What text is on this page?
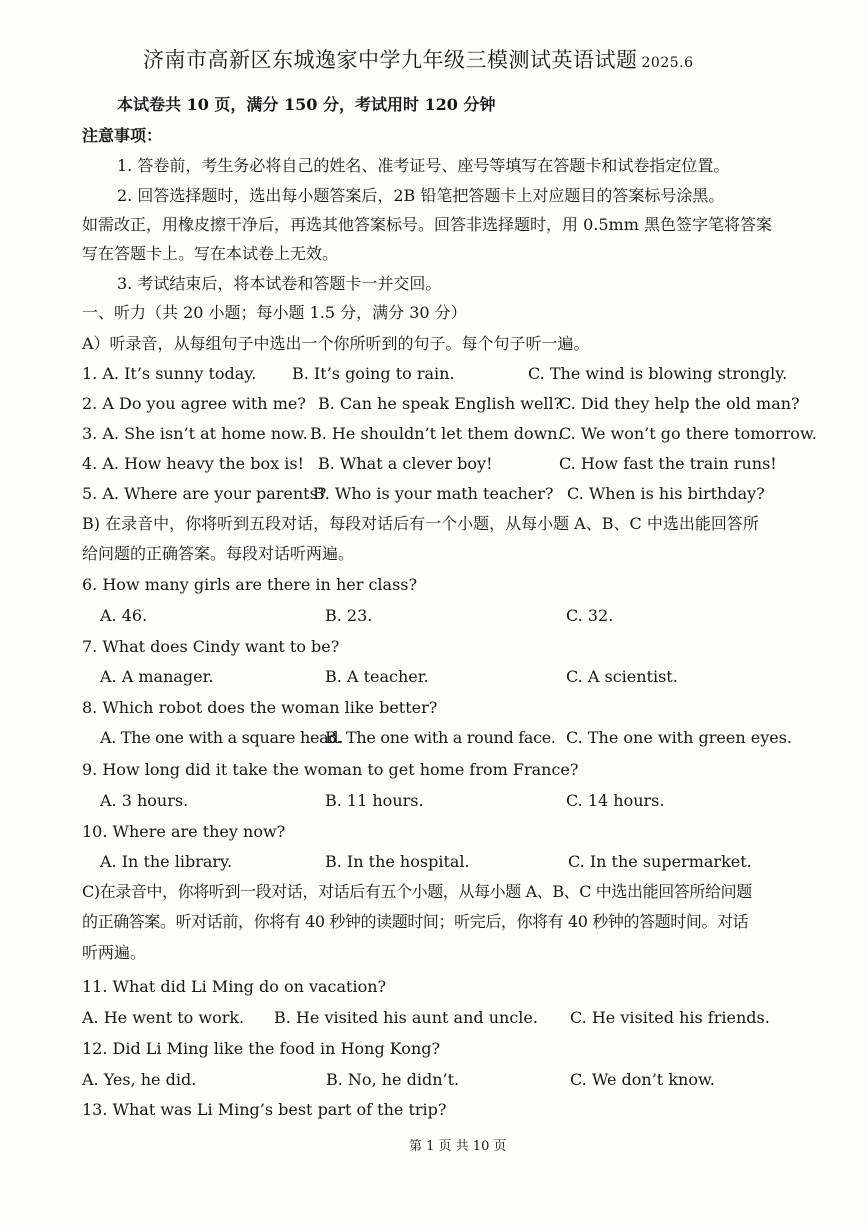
济南市高新区东城逸家中学九年级三模测试英语试题 2025.6
本试卷共 10 页，满分 150 分，考试用时 120 分钟
注意事项：
1. 答卷前，考生务必将自己的姓名、准考证号、座号等填写在答题卡和试卷指定位置。
2. 回答选择题时，选出每小题答案后，2B 铅笔把答题卡上对应题目的答案标号涂黑。
如需改正，用橡皮擦干净后，再选其他答案标号。回答非选择题时，用 0.5mm 黑色签字笔将答案
写在答题卡上。写在本试卷上无效。
3. 考试结束后，将本试卷和答题卡一并交回。
一、听力（共 20 小题；每小题 1.5 分，满分 30 分）
A）听录音，从每组句子中选出一个你所听到的句子。每个句子听一遍。
1. A. It’s sunny today. B. It’s going to rain.	C. The wind is blowing strongly.
2. A Do you agree with me? B. Can he speak English well?
C. Did they help the old man?
3. A. She isn’t at home now. B. He shouldn’t let them down.
C. We won’t go there tomorrow.
4. A. How heavy the box is! B. What a clever boy!	C. How fast the train runs!
5. A. Where are your parents?
B. Who is your math teacher? C. When is his birthday?
B) 在录音中，你将听到五段对话，每段对话后有一个小题，从每小题 A、B、C 中选出能回答所
给问题的正确答案。每段对话听两遍。
6. How many girls are there in her class?
A. 46.	B. 23.	C. 32.
7. What does Cindy want to be?
A. A manager.	B. A teacher.	C. A scientist.
8. Which robot does the woman like better?
A. The one with a square head.
B. The one with a round face. C. The one with green eyes.
9. How long did it take the woman to get home from France?
A. 3 hours.	B. 11 hours.	C. 14 hours.
10. Where are they now?
A. In the library.	B. In the hospital.	C. In the supermarket.
C)在录音中，你将听到一段对话，对话后有五个小题，从每小题 A、B、C 中选出能回答所给问题
的正确答案。听对话前，你将有 40 秒钟的读题时间；听完后，你将有 40 秒钟的答题时间。对话
听两遍。
11. What did Li Ming do on vacation?
A. He went to work. B. He visited his aunt and uncle. C. He visited his friends.
12. Did Li Ming like the food in Hong Kong?
A. Yes, he did.	B. No, he didn’t.	C. We don’t know.
13. What was Li Ming’s best part of the trip?
第 1 页 共 10 页
